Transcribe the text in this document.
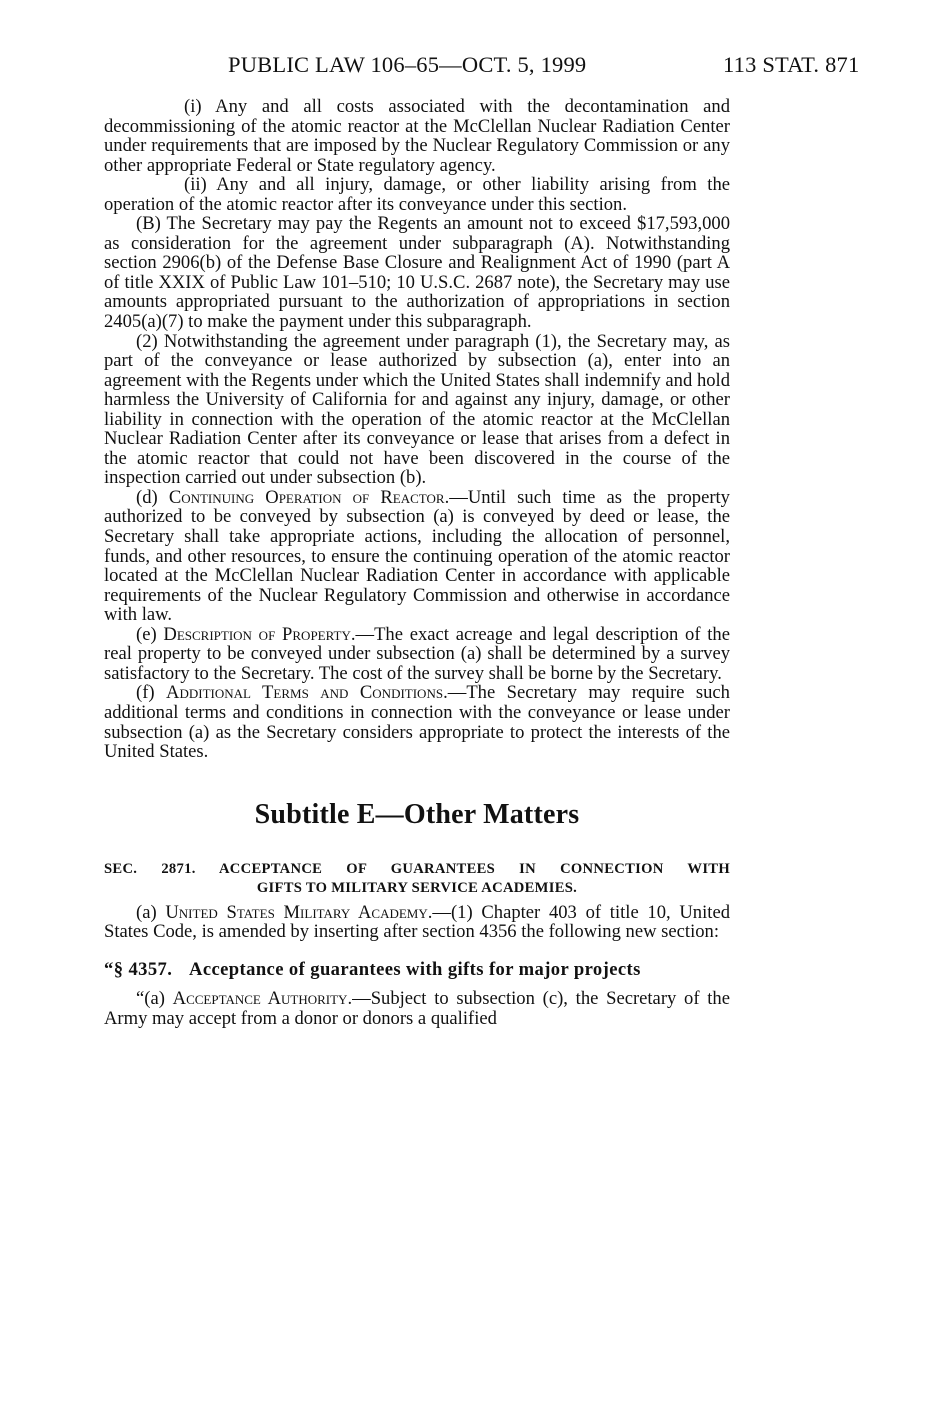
PUBLIC LAW 106–65—OCT. 5, 1999	113 STAT. 871

(i) Any and all costs associated with the decontamination and decommissioning of the atomic reactor at the McClellan Nuclear Radiation Center under requirements that are imposed by the Nuclear Regulatory Commission or any other appropriate Federal or State regulatory agency.

(ii) Any and all injury, damage, or other liability arising from the operation of the atomic reactor after its conveyance under this section.

(B) The Secretary may pay the Regents an amount not to exceed $17,593,000 as consideration for the agreement under subparagraph (A). Notwithstanding section 2906(b) of the Defense Base Closure and Realignment Act of 1990 (part A of title XXIX of Public Law 101–510; 10 U.S.C. 2687 note), the Secretary may use amounts appropriated pursuant to the authorization of appropriations in section 2405(a)(7) to make the payment under this subparagraph.

(2) Notwithstanding the agreement under paragraph (1), the Secretary may, as part of the conveyance or lease authorized by subsection (a), enter into an agreement with the Regents under which the United States shall indemnify and hold harmless the University of California for and against any injury, damage, or other liability in connection with the operation of the atomic reactor at the McClellan Nuclear Radiation Center after its conveyance or lease that arises from a defect in the atomic reactor that could not have been discovered in the course of the inspection carried out under subsection (b).

(d) Continuing Operation of Reactor.—Until such time as the property authorized to be conveyed by subsection (a) is conveyed by deed or lease, the Secretary shall take appropriate actions, including the allocation of personnel, funds, and other resources, to ensure the continuing operation of the atomic reactor located at the McClellan Nuclear Radiation Center in accordance with applicable requirements of the Nuclear Regulatory Commission and otherwise in accordance with law.

(e) Description of Property.—The exact acreage and legal description of the real property to be conveyed under subsection (a) shall be determined by a survey satisfactory to the Secretary. The cost of the survey shall be borne by the Secretary.

(f) Additional Terms and Conditions.—The Secretary may require such additional terms and conditions in connection with the conveyance or lease under subsection (a) as the Secretary considers appropriate to protect the interests of the United States.

Subtitle E—Other Matters
SEC. 2871. ACCEPTANCE OF GUARANTEES IN CONNECTION WITH
GIFTS TO MILITARY SERVICE ACADEMIES.

(a) United States Military Academy.—(1) Chapter 403 of title 10, United States Code, is amended by inserting after section 4356 the following new section:

“§ 4357. Acceptance of guarantees with gifts for major projects

“(a) Acceptance Authority.—Subject to subsection (c), the Secretary of the Army may accept from a donor or donors a qualified
